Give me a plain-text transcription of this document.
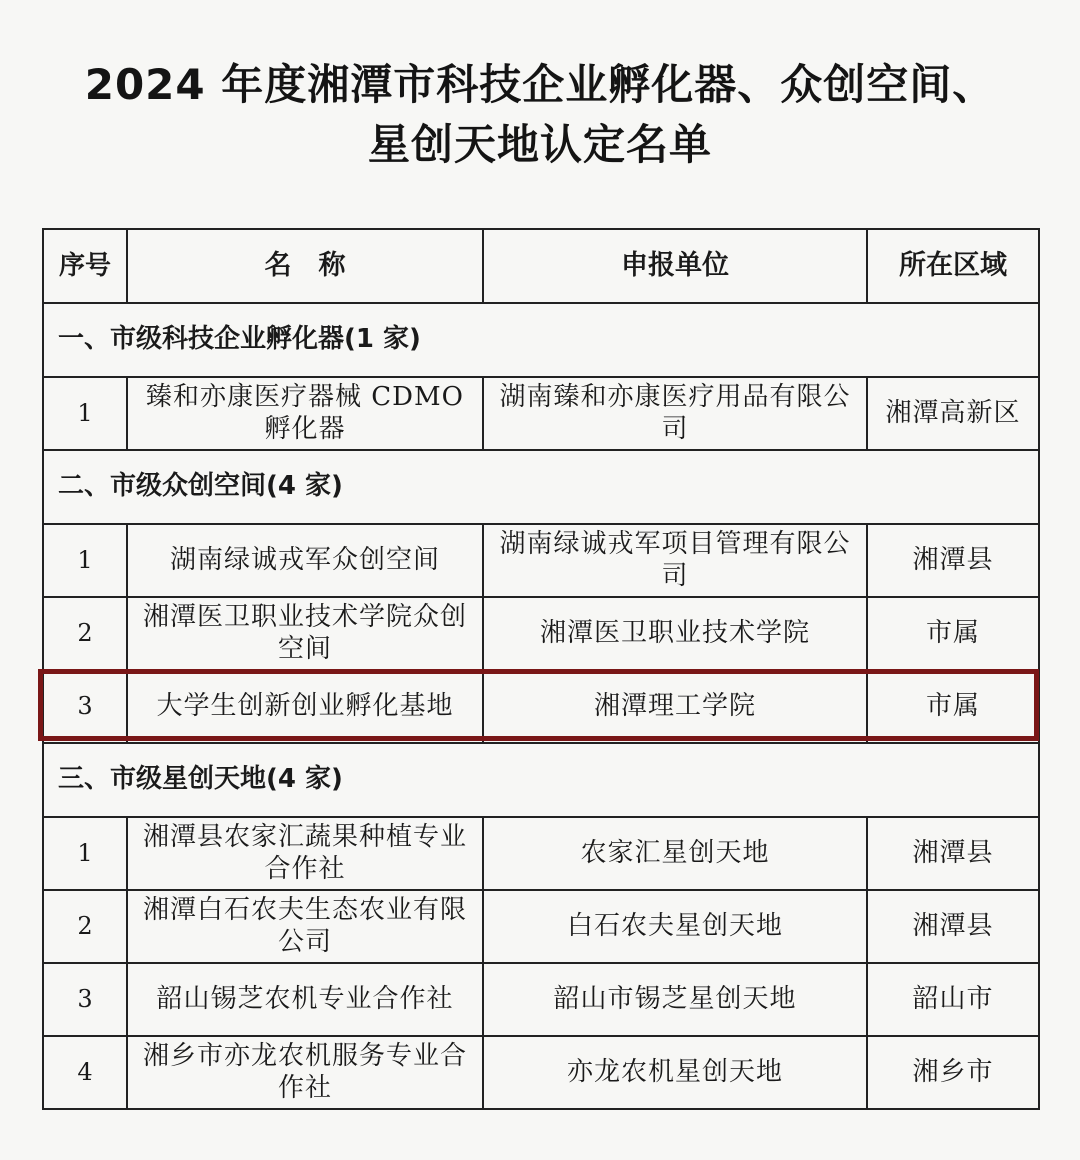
2024 年度湘潭市科技企业孵化器、众创空间、
星创天地认定名单
序号	名　称	申报单位	所在区域
一、市级科技企业孵化器(1 家)			
1	臻和亦康医疗器械 CDMO 孵化器	湖南臻和亦康医疗用品有限公司	湘潭高新区
二、市级众创空间(4 家)			
1	湖南绿诚戎军众创空间	湖南绿诚戎军项目管理有限公司	湘潭县
2	湘潭医卫职业技术学院众创空间	湘潭医卫职业技术学院	市属
3	大学生创新创业孵化基地	湘潭理工学院	市属
三、市级星创天地(4 家)			
1	湘潭县农家汇蔬果种植专业合作社	农家汇星创天地	湘潭县
2	湘潭白石农夫生态农业有限公司	白石农夫星创天地	湘潭县
3	韶山锡芝农机专业合作社	韶山市锡芝星创天地	韶山市
4	湘乡市亦龙农机服务专业合作社	亦龙农机星创天地	湘乡市
